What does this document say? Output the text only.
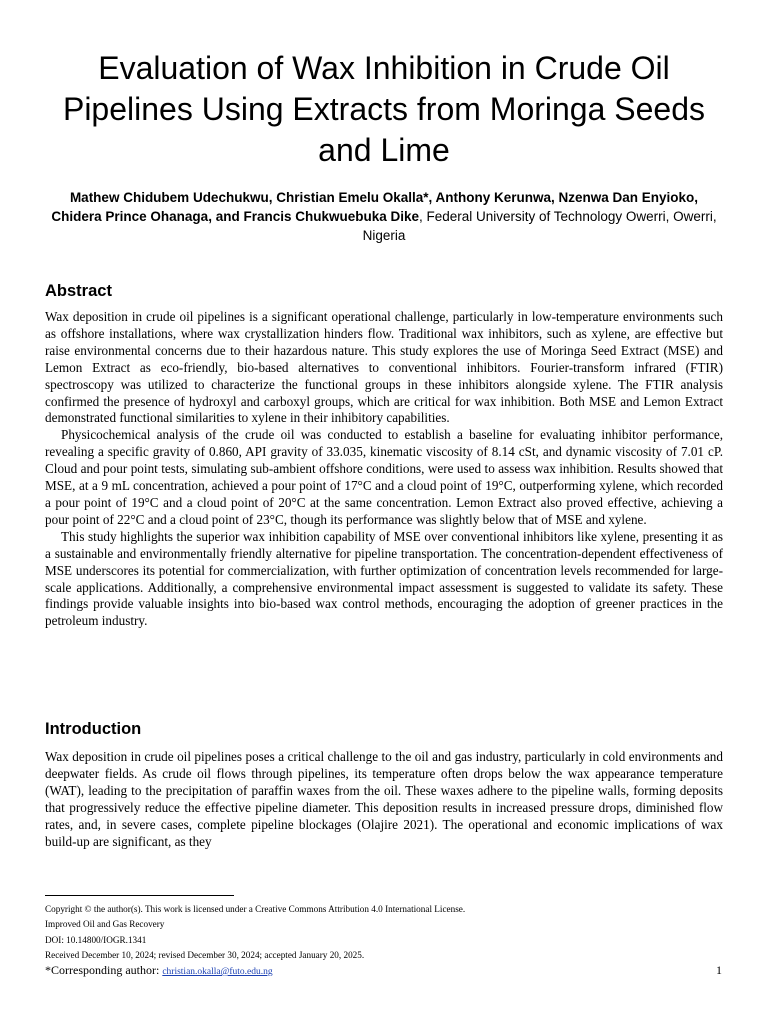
Evaluation of Wax Inhibition in Crude Oil Pipelines Using Extracts from Moringa Seeds and Lime
Mathew Chidubem Udechukwu, Christian Emelu Okalla*, Anthony Kerunwa, Nzenwa Dan Enyioko, Chidera Prince Ohanaga, and Francis Chukwuebuka Dike, Federal University of Technology Owerri, Owerri, Nigeria
Abstract

Wax deposition in crude oil pipelines is a significant operational challenge, particularly in low-temperature environments such as offshore installations, where wax crystallization hinders flow. Traditional wax inhibitors, such as xylene, are effective but raise environmental concerns due to their hazardous nature. This study explores the use of Moringa Seed Extract (MSE) and Lemon Extract as eco-friendly, bio-based alternatives to conventional inhibitors. Fourier-transform infrared (FTIR) spectroscopy was utilized to characterize the functional groups in these inhibitors alongside xylene. The FTIR analysis confirmed the presence of hydroxyl and carboxyl groups, which are critical for wax inhibition. Both MSE and Lemon Extract demonstrated functional similarities to xylene in their inhibitory capabilities.

Physicochemical analysis of the crude oil was conducted to establish a baseline for evaluating inhibitor performance, revealing a specific gravity of 0.860, API gravity of 33.035, kinematic viscosity of 8.14 cSt, and dynamic viscosity of 7.01 cP. Cloud and pour point tests, simulating sub-ambient offshore conditions, were used to assess wax inhibition. Results showed that MSE, at a 9 mL concentration, achieved a pour point of 17°C and a cloud point of 19°C, outperforming xylene, which recorded a pour point of 19°C and a cloud point of 20°C at the same concentration. Lemon Extract also proved effective, achieving a pour point of 22°C and a cloud point of 23°C, though its performance was slightly below that of MSE and xylene.

This study highlights the superior wax inhibition capability of MSE over conventional inhibitors like xylene, presenting it as a sustainable and environmentally friendly alternative for pipeline transportation. The concentration-dependent effectiveness of MSE underscores its potential for commercialization, with further optimization of concentration levels recommended for large-scale applications. Additionally, a comprehensive environmental impact assessment is suggested to validate its safety. These findings provide valuable insights into bio-based wax control methods, encouraging the adoption of greener practices in the petroleum industry.

Introduction

Wax deposition in crude oil pipelines poses a critical challenge to the oil and gas industry, particularly in cold environments and deepwater fields. As crude oil flows through pipelines, its temperature often drops below the wax appearance temperature (WAT), leading to the precipitation of paraffin waxes from the oil. These waxes adhere to the pipeline walls, forming deposits that progressively reduce the effective pipeline diameter. This deposition results in increased pressure drops, diminished flow rates, and, in severe cases, complete pipeline blockages (Olajire 2021). The operational and economic implications of wax build-up are significant, as they

Copyright © the author(s). This work is licensed under a Creative Commons Attribution 4.0 International License.
Improved Oil and Gas Recovery
DOI: 10.14800/IOGR.1341
Received December 10, 2024; revised December 30, 2024; accepted January 20, 2025.
*Corresponding author: christian.okalla@futo.edu.ng	1
